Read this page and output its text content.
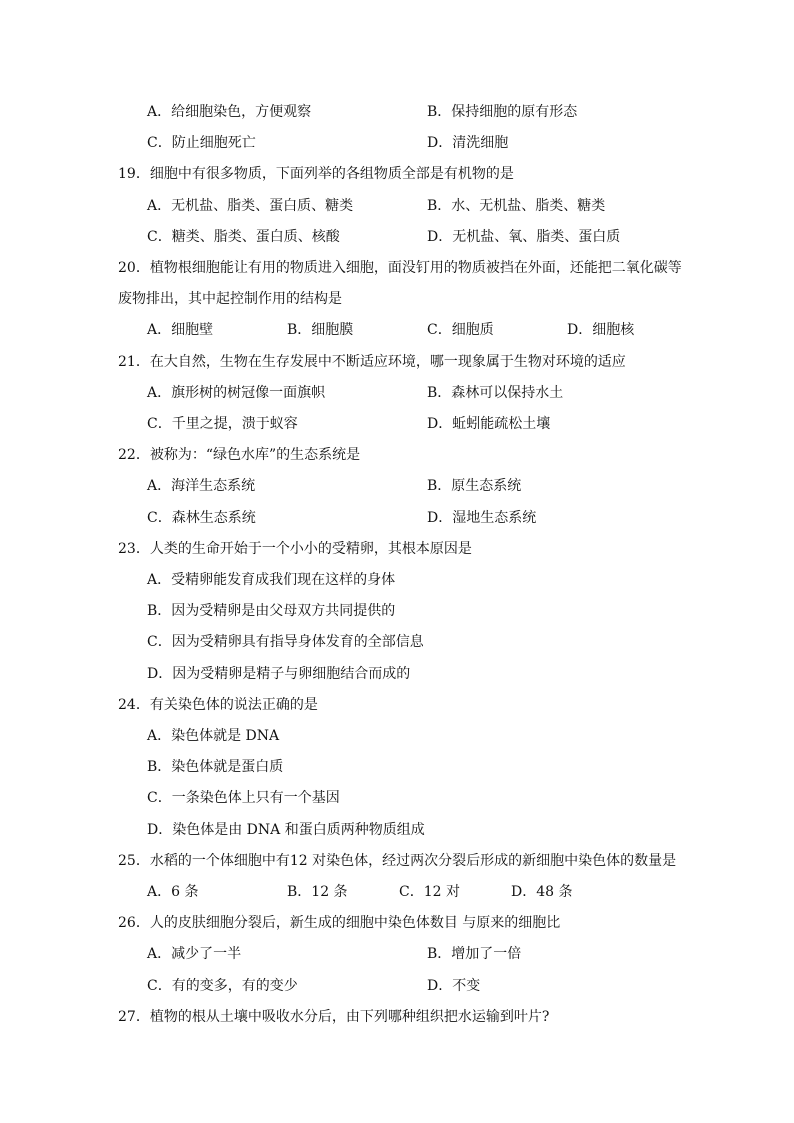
A．给细胞染色，方便观察	B．保持细胞的原有形态
C．防止细胞死亡	D．清洗细胞
19．细胞中有很多物质，下面列举的各组物质全部是有机物的是
A．无机盐、脂类、蛋白质、糖类	B．水、无机盐、脂类、糖类
C．糖类、脂类、蛋白质、核酸	D．无机盐、氧、脂类、蛋白质
20．植物根细胞能让有用的物质进入细胞，面没钉用的物质被挡在外面，还能把二氧化碳等
废物排出，其中起控制作用的结构是
A．细胞壁	B．细胞膜	C．细胞质	D．细胞核
21．在大自然，生物在生存发展中不断适应环境，哪一现象属于生物对环境的适应
A．旗形树的树冠像一面旗帜	B．森林可以保持水土
C．千里之提，溃于蚁容	D．蚯蚓能疏松土壤
22．被称为：“绿色水库”的生态系统是
A．海洋生态系统	B．原生态系统
C．森林生态系统	D．湿地生态系统
23．人类的生命开始于一个小小的受精卵，其根本原因是
A．受精卵能发育成我们现在这样的身体
B．因为受精卵是由父母双方共同提供的
C．因为受精卵具有指导身体发育的全部信息
D．因为受精卵是精子与卵细胞结合而成的
24．有关染色体的说法正确的是
A．染色体就是 DNA
B．染色体就是蛋白质
C．一条染色体上只有一个基因
D．染色体是由 DNA 和蛋白质两种物质组成
25．水稻的一个体细胞中有12 对染色体，经过两次分裂后形成的新细胞中染色体的数量是
A．6 条	B．12 条	C．12 对	D．48 条
26．人的皮肤细胞分裂后，新生成的细胞中染色体数目 与原来的细胞比
A．减少了一半	B．增加了一倍
C．有的变多，有的变少	D．不变
27．植物的根从土壤中吸收水分后，由下列哪种组织把水运输到叶片?
